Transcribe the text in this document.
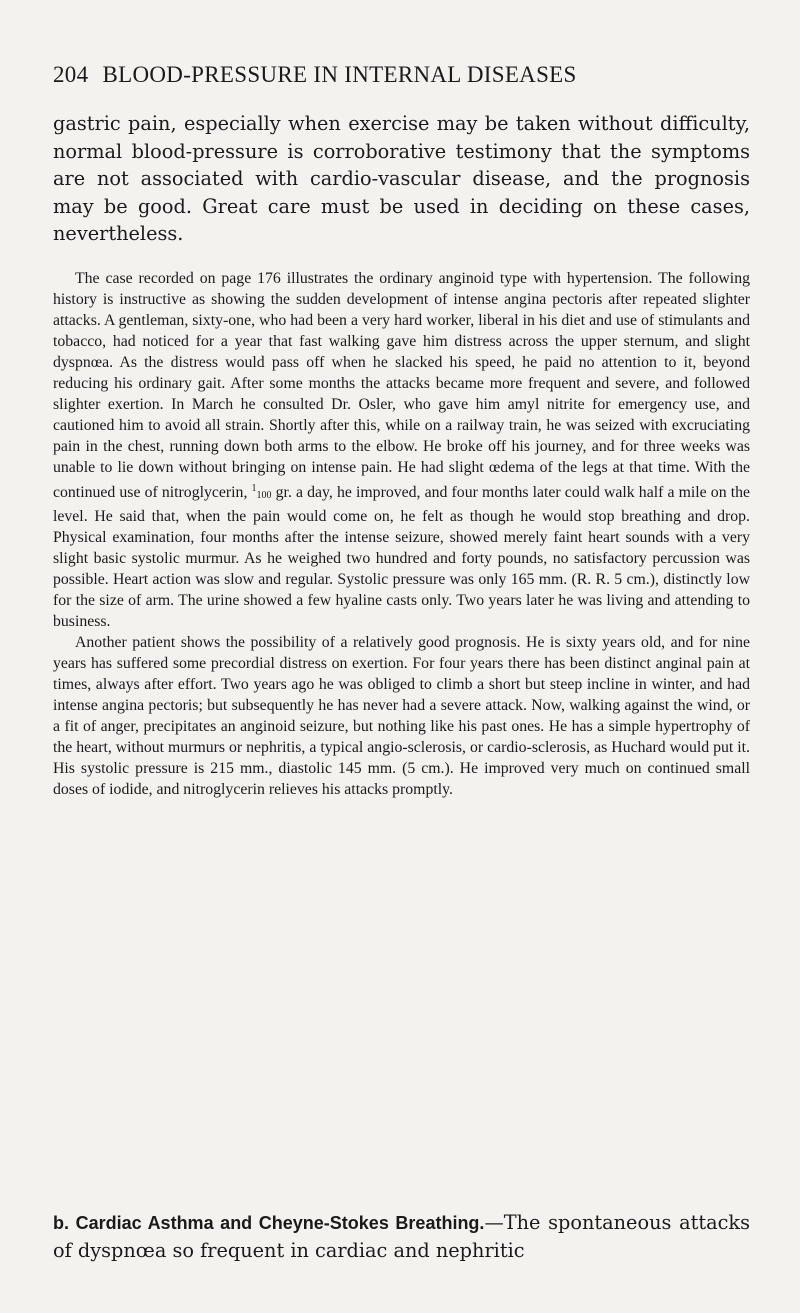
204 BLOOD-PRESSURE IN INTERNAL DISEASES

gastric pain, especially when exercise may be taken without difficulty, normal blood-pressure is corroborative testimony that the symptoms are not associated with cardio-vascular disease, and the prognosis may be good. Great care must be used in deciding on these cases, nevertheless.

The case recorded on page 176 illustrates the ordinary anginoid type with hypertension. The following history is instructive as showing the sudden development of intense angina pectoris after repeated slighter attacks. A gentleman, sixty-one, who had been a very hard worker, liberal in his diet and use of stimulants and tobacco, had noticed for a year that fast walking gave him distress across the upper sternum, and slight dyspnœa. As the distress would pass off when he slacked his speed, he paid no attention to it, beyond reducing his ordinary gait. After some months the attacks became more frequent and severe, and followed slighter exertion. In March he consulted Dr. Osler, who gave him amyl nitrite for emergency use, and cautioned him to avoid all strain. Shortly after this, while on a railway train, he was seized with excruciating pain in the chest, running down both arms to the elbow. He broke off his journey, and for three weeks was unable to lie down without bringing on intense pain. He had slight œdema of the legs at that time. With the continued use of nitroglycerin, 1100 gr. a day, he improved, and four months later could walk half a mile on the level. He said that, when the pain would come on, he felt as though he would stop breathing and drop. Physical examination, four months after the intense seizure, showed merely faint heart sounds with a very slight basic systolic murmur. As he weighed two hundred and forty pounds, no satisfactory percussion was possible. Heart action was slow and regular. Systolic pressure was only 165 mm. (R. R. 5 cm.), distinctly low for the size of arm. The urine showed a few hyaline casts only. Two years later he was living and attending to business.

Another patient shows the possibility of a relatively good prognosis. He is sixty years old, and for nine years has suffered some precordial distress on exertion. For four years there has been distinct anginal pain at times, always after effort. Two years ago he was obliged to climb a short but steep incline in winter, and had intense angina pectoris; but subsequently he has never had a severe attack. Now, walking against the wind, or a fit of anger, precipitates an anginoid seizure, but nothing like his past ones. He has a simple hypertrophy of the heart, without murmurs or nephritis, a typical angio-sclerosis, or cardio-sclerosis, as Huchard would put it. His systolic pressure is 215 mm., diastolic 145 mm. (5 cm.). He improved very much on continued small doses of iodide, and nitroglycerin relieves his attacks promptly.

b. Cardiac Asthma and Cheyne-Stokes Breathing.—The spontaneous attacks of dyspnœa so frequent in cardiac and nephritic
